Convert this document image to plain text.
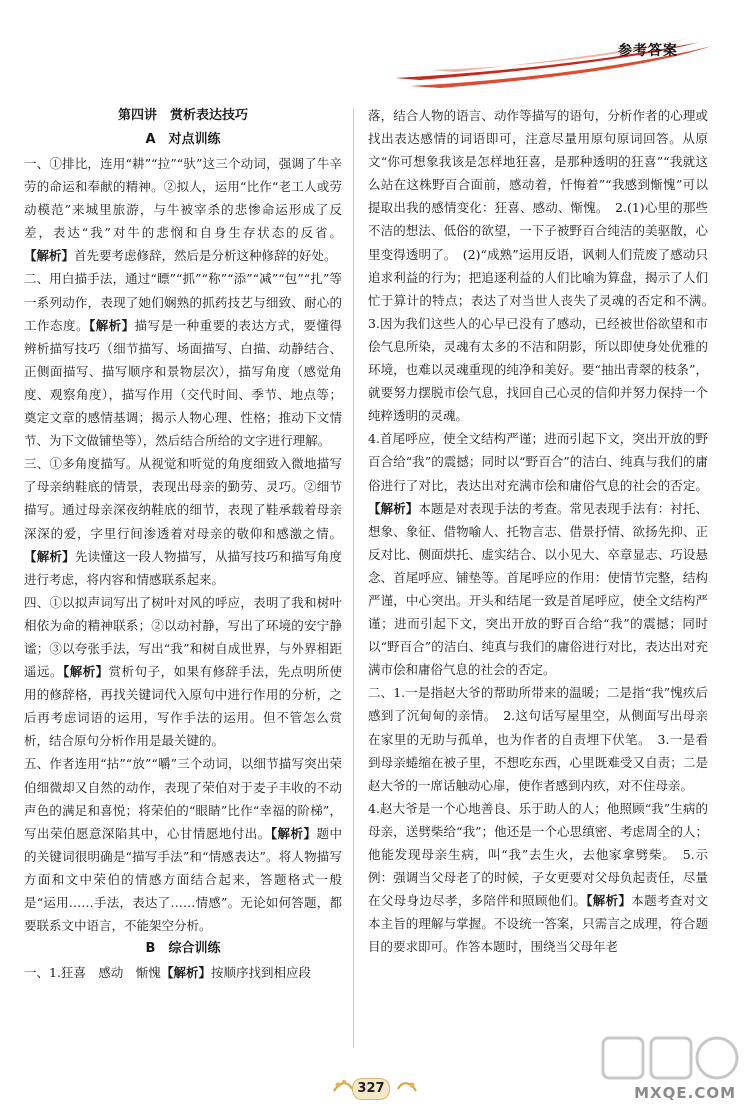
参考答案

第四讲　赏析表达技巧

A　对点训练

一、①排比，连用“耕”“拉”“驮”这三个动词，强调了牛辛劳的命运和奉献的精神。②拟人，运用“比作“老工人或劳动模范”来城里旅游，与牛被宰杀的悲惨命运形成了反差，表达“我”对牛的悲悯和自身生存状态的反省。【解析】首先要考虑修辞，然后是分析这种修辞的好处。

二、用白描手法，通过“瞟”“抓”“称”“添”“减”“包”“扎”等一系列动作，表现了她们娴熟的抓药技艺与细致、耐心的工作态度。【解析】描写是一种重要的表达方式，要懂得辨析描写技巧（细节描写、场面描写、白描、动静结合、正侧面描写、描写顺序和景物层次），描写角度（感觉角度、观察角度），描写作用（交代时间、季节、地点等；奠定文章的感情基调；揭示人物心理、性格；推动下文情节、为下文做铺垫等），然后结合所给的文字进行理解。

三、①多角度描写。从视觉和听觉的角度细致入微地描写了母亲纳鞋底的情景，表现出母亲的勤劳、灵巧。②细节描写。通过母亲深夜纳鞋底的细节，表现了鞋承载着母亲深深的爱，字里行间渗透着对母亲的敬仰和感激之情。【解析】先读懂这一段人物描写，从描写技巧和描写角度进行考虑，将内容和情感联系起来。

四、①以拟声词写出了树叶对风的呼应，表明了我和树叶相依为命的精神联系；②以动衬静，写出了环境的安宁静谧；③以夸张手法，写出“我”和树自成世界，与外界相距遥远。【解析】赏析句子，如果有修辞手法，先点明所使用的修辞格，再找关键词代入原句中进行作用的分析，之后再考虑词语的运用，写作手法的运用。但不管怎么赏析，结合原句分析作用是最关键的。

五、作者连用“拈”“放”“嚼”三个动词，以细节描写突出荣伯细微却又自然的动作，表现了荣伯对于麦子丰收的不动声色的满足和喜悦；将荣伯的“眼睛”比作“幸福的阶梯”，写出荣伯愿意深陷其中，心甘情愿地付出。【解析】题中的关键词很明确是“描写手法”和“情感表达”。将人物描写方面和文中荣伯的情感方面结合起来，答题格式一般是“运用……手法，表达了……情感”。无论如何答题，都要联系文中语言，不能架空分析。

B　综合训练

一、1.狂喜　感动　惭愧【解析】按顺序找到相应段

落，结合人物的语言、动作等描写的语句，分析作者的心理或找出表达感情的词语即可，注意尽量用原句原词回答。从原文“你可想象我该是怎样地狂喜，是那种透明的狂喜”“我就这么站在这株野百合面前，感动着，忏悔着”“我感到惭愧”可以提取出我的感情变化：狂喜、感动、惭愧。　2.(1)心里的那些不洁的想法、低俗的欲望，一下子被野百合纯洁的美驱散，心里变得透明了。　(2)“成熟”运用反语，讽刺人们荒废了感动只追求利益的行为；把追逐利益的人们比喻为算盘，揭示了人们忙于算计的特点；表达了对当世人丧失了灵魂的否定和不满。　3.因为我们这些人的心早已没有了感动，已经被世俗欲望和市侩气息所染，灵魂有太多的不洁和阴影，所以即使身处优雅的环境，也难以灵魂重现的纯净和美好。要“抽出青翠的枝条”，就要努力摆脱市侩气息，找回自己心灵的信仰并努力保持一个纯粹透明的灵魂。

4.首尾呼应，使全文结构严谨；进而引起下文，突出开放的野百合给“我”的震撼；同时以“野百合”的洁白、纯真与我们的庸俗进行了对比，表达出对充满市侩和庸俗气息的社会的否定。【解析】本题是对表现手法的考查。常见表现手法有：衬托、想象、象征、借物喻人、托物言志、借景抒情、欲扬先抑、正反对比、侧面烘托、虚实结合、以小见大、卒章显志、巧设悬念、首尾呼应、铺垫等。首尾呼应的作用：使情节完整，结构严谨，中心突出。开头和结尾一致是首尾呼应，使全文结构严谨；进而引起下文，突出开放的野百合给“我”的震撼；同时以“野百合”的洁白、纯真与我们的庸俗进行对比，表达出对充满市侩和庸俗气息的社会的否定。

二、1.一是指赵大爷的帮助所带来的温暖；二是指“我”愧疚后感到了沉甸甸的亲情。　2.这句话写屋里空，从侧面写出母亲在家里的无助与孤单，也为作者的自责埋下伏笔。　3.一是看到母亲蜷缩在被子里，不想吃东西，心里既难受又自责；二是赵大爷的一席话触动心扉，使作者感到内疚，对不住母亲。

4.赵大爷是一个心地善良、乐于助人的人；他照顾“我”生病的母亲，送劈柴给“我”；他还是一个心思缜密、考虑周全的人；他能发现母亲生病，叫“我”去生火，去他家拿劈柴。　5.示例：强调当父母老了的时候，子女更要对父母负起责任，尽量在父母身边尽孝，多陪伴和照顾他们。【解析】本题考查对文本主旨的理解与掌握。不设统一答案，只需言之成理，符合题目的要求即可。作答本题时，围绕当父母年老

327	MXQE.COM
